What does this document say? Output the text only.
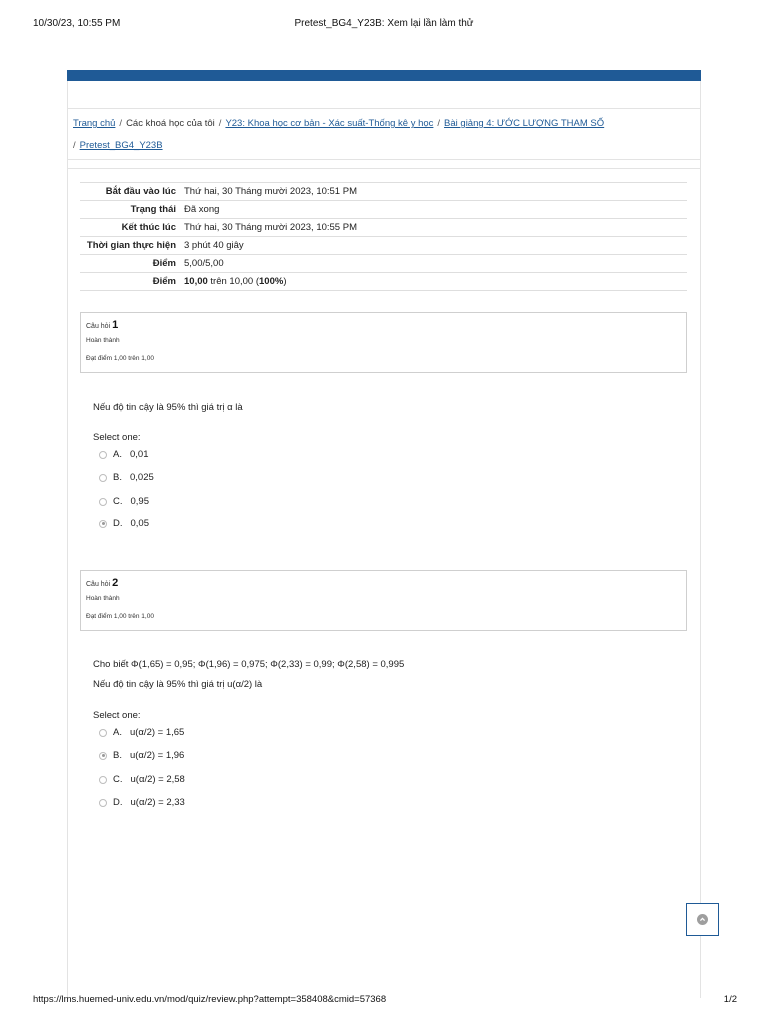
10/30/23, 10:55 PM	Pretest_BG4_Y23B: Xem lại lần làm thử
Trang chủ / Các khoá học của tôi / Y23: Khoa học cơ bản - Xác suất-Thống kê y học / Bài giảng 4: ƯỚC LƯỢNG THAM SỐ
/ Pretest_BG4_Y23B
Bắt đầu vào lúc	Thứ hai, 30 Tháng mười 2023, 10:51 PM
Trạng thái	Đã xong
Kết thúc lúc	Thứ hai, 30 Tháng mười 2023, 10:55 PM
Thời gian thực hiện	3 phút 40 giây
Điểm	5,00/5,00
Điểm	10,00 trên 10,00 (100%)
Câu hỏi 1
Hoàn thành
Đạt điểm 1,00 trên 1,00
Nếu độ tin cậy là 95% thì giá trị α là
Select one:
A. 0,01
B. 0,025
C. 0,95
D. 0,05
Câu hỏi 2
Hoàn thành
Đạt điểm 1,00 trên 1,00
Cho biết Φ(1,65) = 0,95; Φ(1,96) = 0,975; Φ(2,33) = 0,99; Φ(2,58) = 0,995
Nếu độ tin cậy là 95% thì giá trị u(α/2) là
Select one:
A. u(α/2) = 1,65
B. u(α/2) = 1,96
C. u(α/2) = 2,58
D. u(α/2) = 2,33
https://lms.huemed-univ.edu.vn/mod/quiz/review.php?attempt=358408&cmid=57368	1/2
